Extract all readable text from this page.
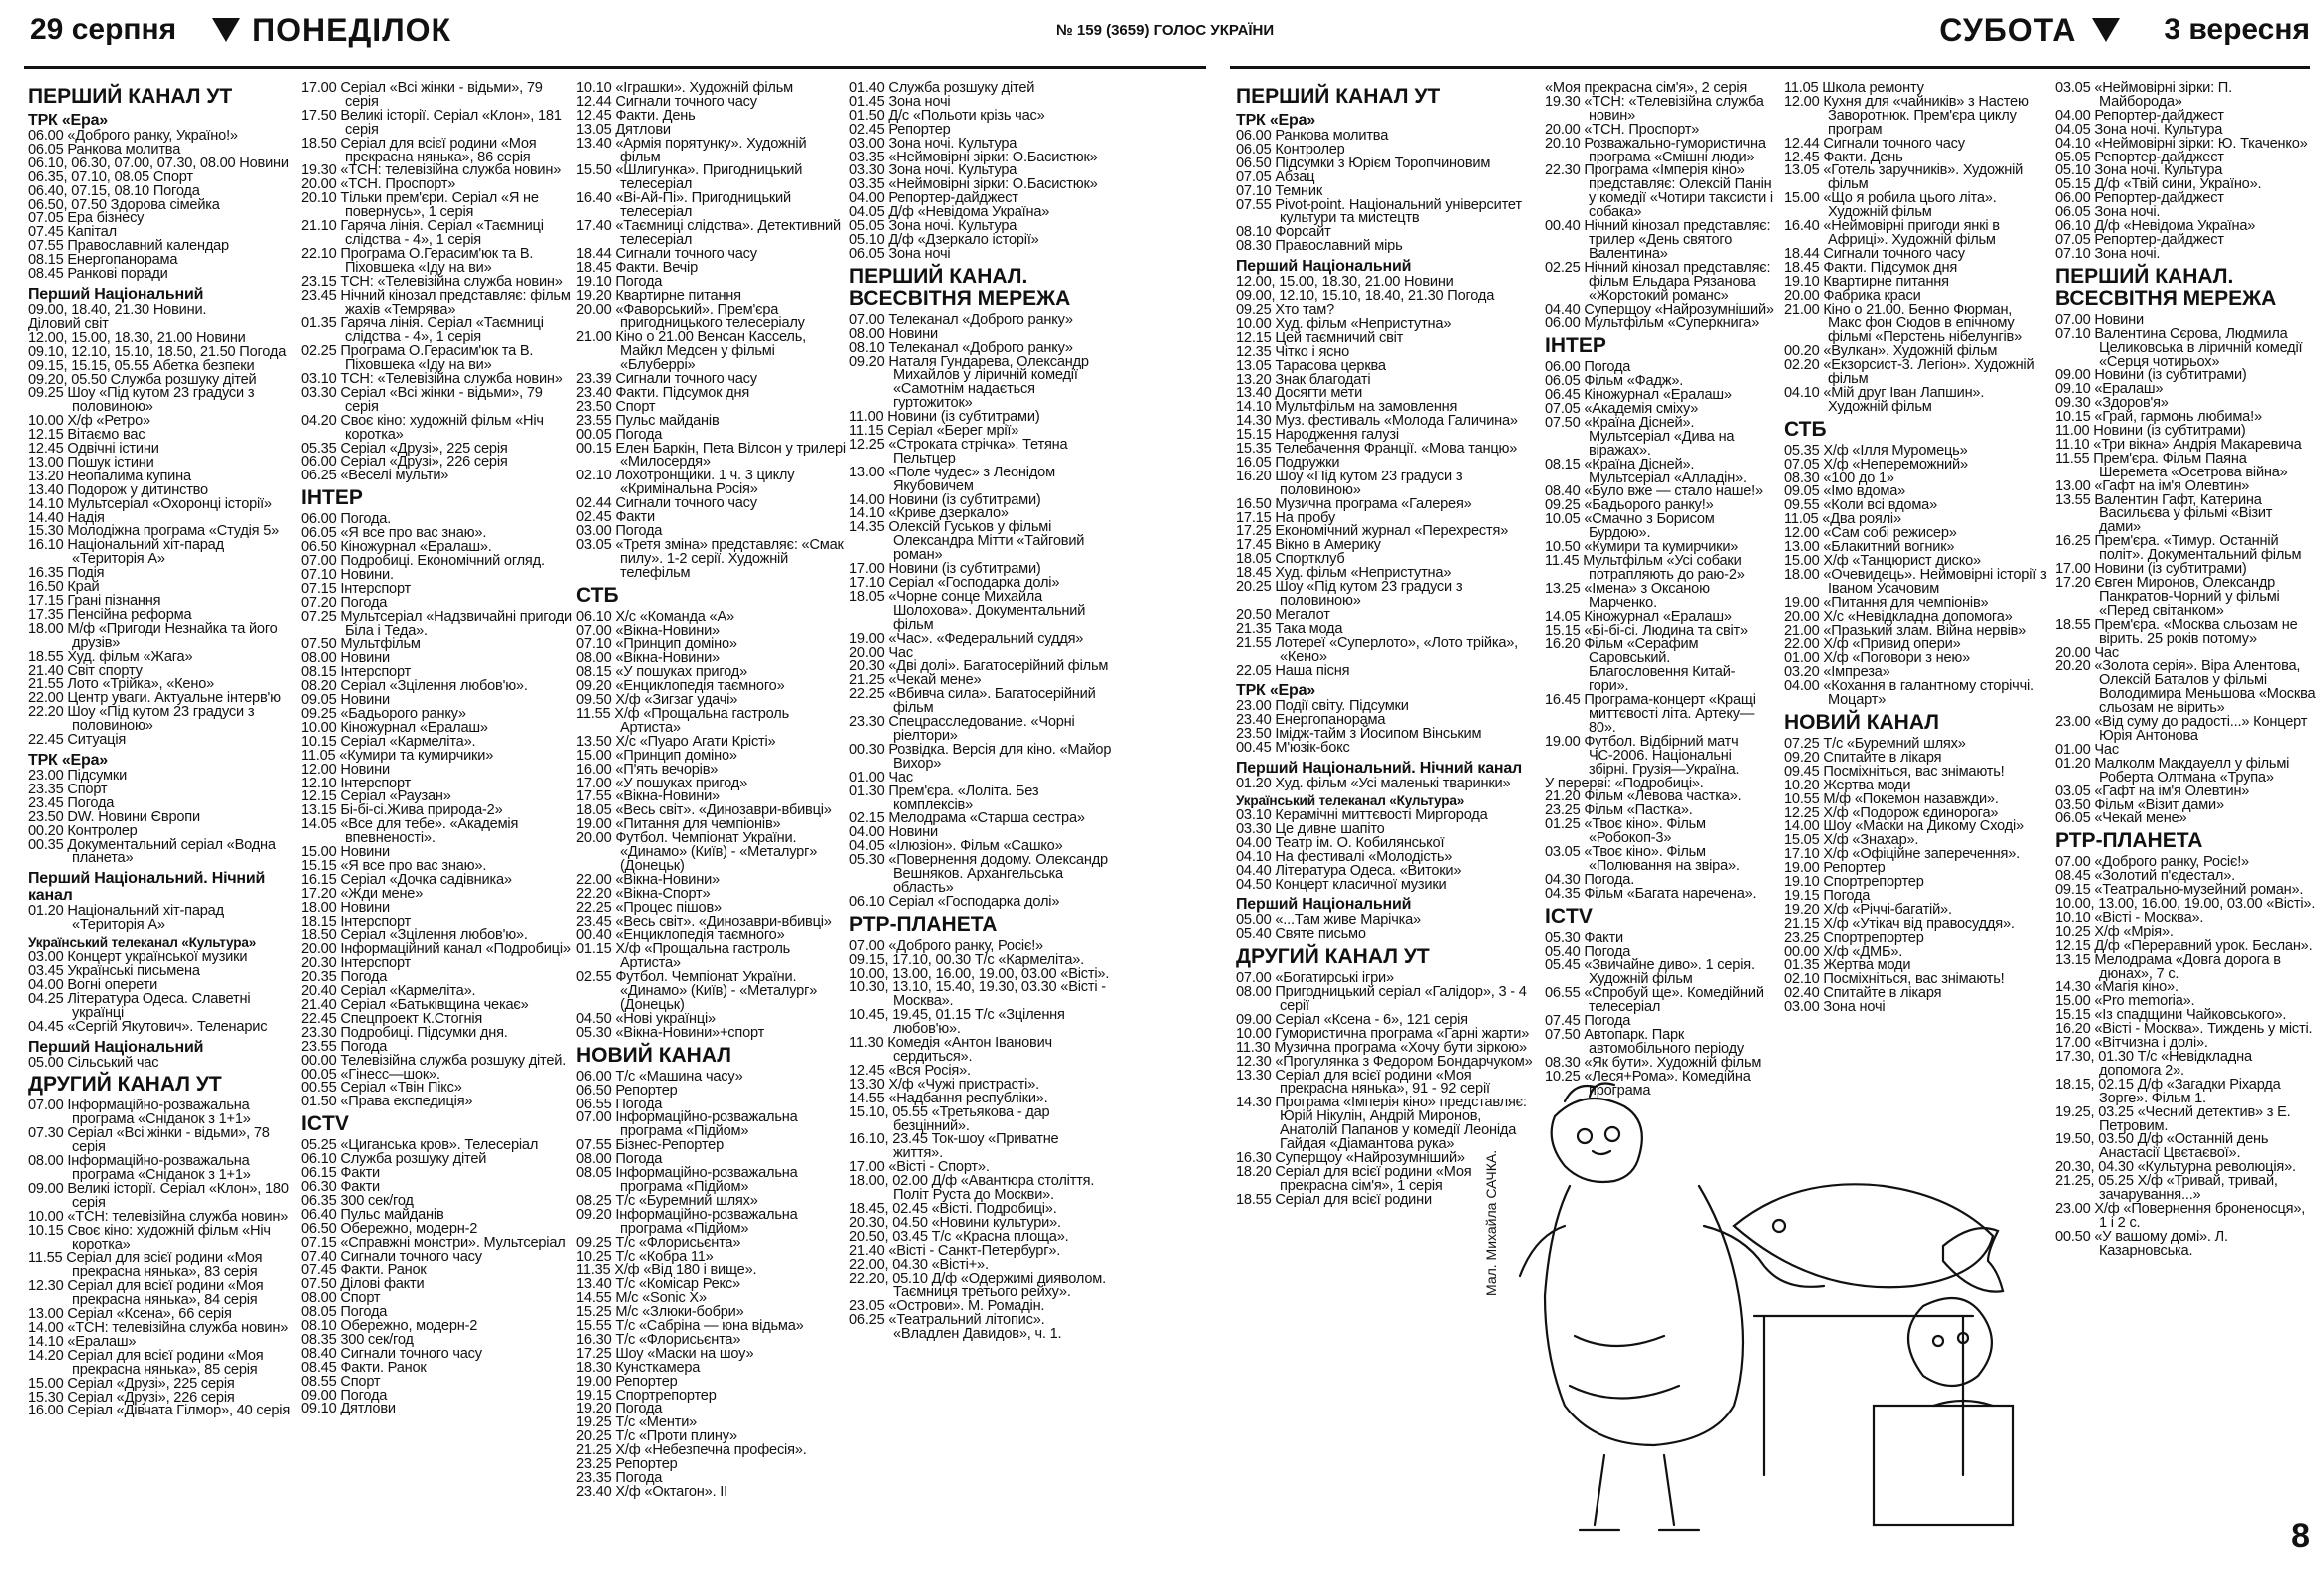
29 серпня ПОНЕДІЛОК	№ 159 (3659) ГОЛОС УКРАЇНИ	СУБОТА	3 вересня
ПЕРШИЙ КАНАЛ УТ
ТРК «Ера»

06.00 «Доброго ранку, Україно!»

06.05 Ранкова молитва

06.10, 06.30, 07.00, 07.30, 08.00 Новини

06.35, 07.10, 08.05 Спорт

06.40, 07.15, 08.10 Погода

06.50, 07.50 Здорова сімейка

07.05 Ера бізнесу

07.45 Капітал

07.55 Православний календар

08.15 Енергопанорама

08.45 Ранкові поради

Перший Національний

09.00, 18.40, 21.30 Новини.

Діловий світ

12.00, 15.00, 18.30, 21.00 Новини

09.10, 12.10, 15.10, 18.50, 21.50 Погода

09.15, 15.15, 05.55 Абетка безпеки

09.20, 05.50 Служба розшуку дітей

09.25 Шоу «Під кутом 23 градуси з половиною»

10.00 Х/ф «Ретро»

12.15 Вітаємо вас

12.45 Одвічні істини

13.00 Пошук істини

13.20 Неопалима купина

13.40 Подорож у дитинство

14.10 Мультсеріал «Охоронці історії»

14.40 Надія

15.30 Молодіжна програма «Студія 5»

16.10 Національний хіт-парад «Територія А»

16.35 Подія

16.50 Край

17.15 Грані пізнання

17.35 Пенсійна реформа

18.00 М/ф «Пригоди Незнайка та його друзів»

18.55 Худ. фільм «Жага»

21.40 Світ спорту

21.55 Лото «Трійка», «Кено»

22.00 Центр уваги. Актуальне інтерв'ю

22.20 Шоу «Під кутом 23 градуси з половиною»

22.45 Ситуація

ТРК «Ера»

23.00 Підсумки

23.35 Спорт

23.45 Погода

23.50 DW. Новини Європи

00.20 Контролер

00.35 Документальний серіал «Водна планета»

Перший Національний. Нічний канал

01.20 Національний хіт-парад «Територія А»

Український телеканал «Культура»

03.00 Концерт української музики

03.45 Українські письмена

04.00 Вогні оперети

04.25 Література Одеса. Славетні українці

04.45 «Сергій Якутович». Теленарис

Перший Національний

05.00 Сільський час

ДРУГИЙ КАНАЛ УТ

07.00 Інформаційно-розважальна програма «Сніданок з 1+1»

07.30 Серіал «Всі жінки - відьми», 78 серія

08.00 Інформаційно-розважальна програма «Сніданок з 1+1»

09.00 Великі історії. Серіал «Клон», 180 серія

10.00 «ТСН: телевізійна служба новин»

10.15 Своє кіно: художній фільм «Ніч коротка»

11.55 Серіал для всієї родини «Моя прекрасна нянька», 83 серія

12.30 Серіал для всієї родини «Моя прекрасна нянька», 84 серія

13.00 Серіал «Ксена», 66 серія

14.00 «ТСН: телевізійна служба новин»

14.10 «Ералаш»

14.20 Серіал для всієї родини «Моя прекрасна нянька», 85 серія

15.00 Серіал «Друзі», 225 серія

15.30 Серіал «Друзі», 226 серія

16.00 Серіал «Дівчата Гілмор», 40 серія

17.00 Серіал «Всі жінки - відьми», 79 серія

17.50 Великі історії. Серіал «Клон», 181 серія

18.50 Серіал для всієї родини «Моя прекрасна нянька», 86 серія

19.30 «ТСН: телевізійна служба новин»

20.00 «ТСН. Проспорт»

20.10 Тільки прем'єри. Серіал «Я не повернусь», 1 серія

21.10 Гаряча лінія. Серіал «Таємниці слідства - 4», 1 серія

22.10 Програма О.Герасим'юк та В. Піховшека «Іду на ви»

23.15 ТСН: «Телевізійна служба новин»

23.45 Нічний кінозал представляє: фільм жахів «Темрява»

01.35 Гаряча лінія. Серіал «Таємниці слідства - 4», 1 серія

02.25 Програма О.Герасим'юк та В. Піховшека «Іду на ви»

03.10 ТСН: «Телевізійна служба новин»

03.30 Серіал «Всі жінки - відьми», 79 серія

04.20 Своє кіно: художній фільм «Ніч коротка»

05.35 Серіал «Друзі», 225 серія

06.00 Серіал «Друзі», 226 серія

06.25 «Веселі мульти»

ІНТЕР

06.00 Погода.

06.05 «Я все про вас знаю».

06.50 Кіножурнал «Ералаш».

07.00 Подробиці. Економічний огляд.

07.10 Новини.

07.15 Інтерспорт

07.20 Погода

07.25 Мультсеріал «Надзвичайні пригоди Біла і Теда».

07.50 Мультфільм

08.00 Новини

08.15 Інтерспорт

08.20 Серіал «Зцілення любов'ю».

09.05 Новини

09.25 «Бадьорого ранку»

10.00 Кіножурнал «Ералаш»

10.15 Серіал «Кармеліта».

11.05 «Кумири та кумирчики»

12.00 Новини

12.10 Інтерспорт

12.15 Серіал «Раузан»

13.15 Бі-бі-сі.Жива природа-2»

14.05 «Все для тебе». «Академія впевненості».

15.00 Новини

15.15 «Я все про вас знаю».

16.15 Серіал «Дочка садівника»

17.20 «Жди мене»

18.00 Новини

18.15 Інтерспорт

18.50 Серіал «Зцілення любов'ю».

20.00 Інформаційний канал «Подробиці»

20.30 Інтерспорт

20.35 Погода

20.40 Серіал «Кармеліта».

21.40 Серіал «Батьківщина чекає»

22.45 Спецпроект К.Стогнія

23.30 Подробиці. Підсумки дня.

23.55 Погода

00.00 Телевізійна служба розшуку дітей.

00.05 «Гінесс—шок».

00.55 Серіал «Твін Пікс»

01.50 «Права експедиція»

ICTV

05.25 «Циганська кров». Телесеріал

06.10 Служба розшуку дітей

06.15 Факти

06.30 Факти

06.35 300 сек/год

06.40 Пульс майданів

06.50 Обережно, модерн-2

07.15 «Справжні монстри». Мультсеріал

07.40 Сигнали точного часу

07.45 Факти. Ранок

07.50 Ділові факти

08.00 Спорт

08.05 Погода

08.10 Обережно, модерн-2

08.35 300 сек/год

08.40 Сигнали точного часу

08.45 Факти. Ранок

08.55 Спорт

09.00 Погода

09.10 Дятлови

10.10 «Іграшки». Художній фільм

12.44 Сигнали точного часу

12.45 Факти. День

13.05 Дятлови

13.40 «Армія порятунку». Художній фільм

15.50 «Шлигунка». Пригодницький телесеріал

16.40 «Ві-Ай-Пі». Пригодницький телесеріал

17.40 «Таємниці слідства». Детективний телесеріал

18.44 Сигнали точного часу

18.45 Факти. Вечір

19.10 Погода

19.20 Квартирне питання

20.00 «Фаворський». Прем'єра пригодницького телесеріалу

21.00 Кіно о 21.00 Венсан Кассель, Майкл Медсен у фільмі «Блуберрі»

23.39 Сигнали точного часу

23.40 Факти. Підсумок дня

23.50 Спорт

23.55 Пульс майданів

00.05 Погода

00.15 Елен Баркін, Пета Вілсон у трилері «Милосердя»

02.10 Лохотронщики. 1 ч. 3 циклу «Кримінальна Росія»

02.44 Сигнали точного часу

02.45 Факти

03.00 Погода

03.05 «Третя зміна» представляє: «Смак пилу». 1-2 серії. Художній телефільм

СТБ

06.10 Х/с «Команда «А»

07.00 «Вікна-Новини»

07.10 «Принцип доміно»

08.00 «Вікна-Новини»

08.15 «У пошуках пригод»

09.20 «Енциклопедія таємного»

09.50 Х/ф «Зигзаг удачі»

11.55 Х/ф «Прощальна гастроль Артиста»

13.50 Х/с «Пуаро Агати Крісті»

15.00 «Принцип доміно»

16.00 «П'ять вечорів»

17.00 «У пошуках пригод»

17.55 «Вікна-Новини»

18.05 «Весь світ». «Динозаври-вбивці»

19.00 «Питання для чемпіонів»

20.00 Футбол. Чемпіонат України. «Динамо» (Київ) - «Металург» (Донецьк)

22.00 «Вікна-Новини»

22.20 «Вікна-Спорт»

22.25 «Процес пішов»

23.45 «Весь світ». «Динозаври-вбивці»

00.40 «Енциклопедія таємного»

01.15 Х/ф «Прощальна гастроль Артиста»

02.55 Футбол. Чемпіонат України. «Динамо» (Київ) - «Металург» (Донецьк)

04.50 «Нові українці»

05.30 «Вікна-Новини»+спорт

НОВИЙ КАНАЛ

06.00 Т/с «Машина часу»

06.50 Репортер

06.55 Погода

07.00 Інформаційно-розважальна програма «Підйом»

07.55 Бізнес-Репортер

08.00 Погода

08.05 Інформаційно-розважальна програма «Підйом»

08.25 Т/с «Буремний шлях»

09.20 Інформаційно-розважальна програма «Підйом»

09.25 Т/с «Флорисьєнта»

10.25 Т/с «Кобра 11»

11.35 Х/ф «Від 180 і вище».

13.40 Т/с «Комісар Рекс»

14.55 М/с «Sonic X»

15.25 М/с «Злюки-бобри»

15.55 Т/с «Сабріна — юна відьма»

16.30 Т/с «Флорисьєнта»

17.25 Шоу «Маски на шоу»

18.30 Кунсткамера

19.00 Репортер

19.15 Спортрепортер

19.20 Погода

19.25 Т/с «Менти»

20.25 Т/с «Проти плину»

21.25 Х/ф «Небезпечна професія».

23.25 Репортер

23.35 Погода

23.40 Х/ф «Октагон». II

01.40 Служба розшуку дітей

01.45 Зона ночі

01.50 Д/с «Польоти крізь час»

02.45 Репортер

03.00 Зона ночі. Культура

03.35 «Неймовірні зірки: О.Басистюк»

03.30 Зона ночі. Культура

03.35 «Неймовірні зірки: О.Басистюк»

04.00 Репортер-дайджест

04.05 Д/ф «Невідома Україна»

05.05 Зона ночі. Культура

05.10 Д/ф «Дзеркало історії»

06.05 Зона ночі

ПЕРШИЙ КАНАЛ. ВСЕСВІТНЯ МЕРЕЖА

07.00 Телеканал «Доброго ранку»

08.00 Новини

08.10 Телеканал «Доброго ранку»

09.20 Наталя Гундарева, Олександр Михайлов у ліричній комедії «Самотнім надається гуртожиток»

11.00 Новини (із субтитрами)

11.15 Серіал «Берег мрії»

12.25 «Строката стрічка». Тетяна Пельтцер

13.00 «Поле чудес» з Леонідом Якубовичем

14.00 Новини (із субтитрами)

14.10 «Криве дзеркало»

14.35 Олексій Гуськов у фільмі Олександра Мітти «Тайговий роман»

17.00 Новини (із субтитрами)

17.10 Серіал «Господарка долі»

18.05 «Чорне сонце Михайла Шолохова». Документальний фільм

19.00 «Час». «Федеральний суддя»

20.00 Час

20.30 «Дві долі». Багатосерійний фільм

21.25 «Чекай мене»

22.25 «Вбивча сила». Багатосерійний фільм

23.30 Спецрасследование. «Чорні ріелтори»

00.30 Розвідка. Версія для кіно. «Майор Вихор»

01.00 Час

01.30 Прем'єра. «Лоліта. Без комплексів»

02.15 Мелодрама «Старша сестра»

04.00 Новини

04.05 «Ілюзіон». Фільм «Сашко»

05.30 «Повернення додому. Олександр Вешняков. Архангельська область»

06.10 Серіал «Господарка долі»

РТР-ПЛАНЕТА

07.00 «Доброго ранку, Росіє!»

09.15, 17.10, 00.30 Т/с «Кармеліта».

10.00, 13.00, 16.00, 19.00, 03.00 «Вісті».

10.30, 13.10, 15.40, 19.30, 03.30 «Вісті - Москва».

10.45, 19.45, 01.15 Т/с «Зцілення любов'ю».

11.30 Комедія «Антон Іванович сердиться».

12.45 «Вся Росія».

13.30 Х/ф «Чужі пристрасті».

14.55 «Надбання республіки».

15.10, 05.55 «Третьякова - дар безцінний».

16.10, 23.45 Ток-шоу «Приватне життя».

17.00 «Вісті - Спорт».

18.00, 02.00 Д/ф «Авантюра століття. Політ Руста до Москви».

18.45, 02.45 «Вісті. Подробиці».

20.30, 04.50 «Новини культури».

20.50, 03.45 Т/с «Красна площа».

21.40 «Вісті - Санкт-Петербург».

22.00, 04.30 «Вісті+».

22.20, 05.10 Д/ф «Одержимі дияволом. Таємниця третього рейху».

23.05 «Острови». М. Ромадін.

06.25 «Театральний літопис». «Владлен Давидов», ч. 1.

ПЕРШИЙ КАНАЛ УТ
ТРК «Ера»

06.00 Ранкова молитва

06.05 Контролер

06.50 Підсумки з Юрієм Торопчиновим

07.05 Абзац

07.10 Темник

07.55 Pivot-point. Національний університет культури та мистецтв

08.10 Форсайт

08.30 Православний мірь

Перший Національний

12.00, 15.00, 18.30, 21.00 Новини

09.00, 12.10, 15.10, 18.40, 21.30 Погода

09.25 Хто там?

10.00 Худ. фільм «Непристутна»

12.15 Цей таємничий світ

12.35 Чітко і ясно

13.05 Тарасова церква

13.20 Знак благодаті

13.40 Досягти мети

14.10 Мультфільм на замовлення

14.30 Муз. фестиваль «Молода Галичина»

15.15 Народження галузі

15.35 Телебачення Франції. «Мова танцю»

16.05 Подружки

16.20 Шоу «Під кутом 23 градуси з половиною»

16.50 Музична програма «Галерея»

17.15 На пробу

17.25 Економічний журнал «Перехрестя»

17.45 Вікно в Америку

18.05 Спортклуб

18.45 Худ. фільм «Непристутна»

20.25 Шоу «Під кутом 23 градуси з половиною»

20.50 Мегалот

21.35 Така мода

21.55 Лотереї «Суперлото», «Лото трійка», «Кено»

22.05 Наша пісня

ТРК «Ера»

23.00 Події світу. Підсумки

23.40 Енергопанорама

23.50 Імідж-тайм з Йосипом Вінським

00.45 М'юзік-бокс

Перший Національний. Нічний канал

01.20 Худ. фільм «Усі маленькі тваринки»

Український телеканал «Культура»

03.10 Керамічні миттєвості Миргорода

03.30 Це дивне шапіто

04.00 Театр ім. О. Кобилянської

04.10 На фестивалі «Молодість»

04.40 Література Одеса. «Витоки»

04.50 Концерт класичної музики

Перший Національний

05.00 «...Там живе Марічка»

05.40 Святе письмо

ДРУГИЙ КАНАЛ УТ

07.00 «Богатирські ігри»

08.00 Пригодницький серіал «Галідор», 3 - 4 серії

09.00 Серіал «Ксена - 6», 121 серія

10.00 Гумористична програма «Гарні жарти»

11.30 Музична програма «Хочу бути зіркою»

12.30 «Прогулянка з Федором Бондарчуком»

13.30 Серіал для всієї родини «Моя прекрасна нянька», 91 - 92 серії

14.30 Програма «Імперія кіно» представляє: Юрій Нікулін, Андрій Миронов, Анатолій Папанов у комедії Леоніда Гайдая «Діамантова рука»

16.30 Суперщоу «Найрозумніший»

18.20 Серіал для всієї родини «Моя прекрасна сім'я», 1 серія

18.55 Серіал для всієї родини

«Моя прекрасна сім'я», 2 серія

19.30 «ТСН: «Телевізійна служба новин»

20.00 «ТСН. Проспорт»

20.10 Розважально-гумористична програма «Смішні люди»

22.30 Програма «Імперія кіно» представляє: Олексій Панін у комедії «Чотири таксисти і собака»

00.40 Нічний кінозал представляє: трилер «День святого Валентина»

02.25 Нічний кінозал представляє: фільм Ельдара Рязанова «Жорстокий романс»

04.40 Суперщоу «Найрозумніший»

06.00 Мультфільм «Суперкнига»

ІНТЕР

06.00 Погода

06.05 Фільм «Фадж».

06.45 Кіножурнал «Ералаш»

07.05 «Академія сміху»

07.50 «Країна Дісней». Мультсеріал «Дива на віражах».

08.15 «Країна Дісней». Мультсеріал «Алладін».

08.40 «Було вже — стало наше!»

09.25 «Бадьорого ранку!»

10.05 «Смачно з Борисом Бурдою».

10.50 «Кумири та кумирчики»

11.45 Мультфільм «Усі собаки потрапляють до раю-2»

13.25 «Імена» з Оксаною Марченко.

14.05 Кіножурнал «Ералаш»

15.15 «Бі-бі-сі. Людина та світ»

16.20 Фільм «Серафим Саровський. Благословення Китай-гори».

16.45 Програма-концерт «Кращі миттєвості літа. Артеку—80».

19.00 Футбол. Відбірний матч ЧС-2006. Національні збірні. Грузія—Україна.

У перерві: «Подробиці».

21.20 Фільм «Левова частка».

23.25 Фільм «Пастка».

01.25 «Твоє кіно». Фільм «Робокоп-3»

03.05 «Твоє кіно». Фільм «Полювання на звіра».

04.30 Погода.

04.35 Фільм «Багата наречена».

ICTV

05.30 Факти

05.40 Погода

05.45 «Звичайне диво». 1 серія. Художній фільм

06.55 «Спробуй ще». Комедійний телесеріал

07.45 Погода

07.50 Автопарк. Парк автомобільного періоду

08.30 «Як бути». Художній фільм

10.25 «Леся+Рома». Комедійна програма

11.05 Школа ремонту

12.00 Кухня для «чайників» з Настею Заворотнюк. Прем'єра циклу програм

12.44 Сигнали точного часу

12.45 Факти. День

13.05 «Готель заручників». Художній фільм

15.00 «Що я робила цього літа». Художній фільм

16.40 «Неймовірні пригоди янкі в Африці». Художній фільм

18.44 Сигнали точного часу

18.45 Факти. Підсумок дня

19.10 Квартирне питання

20.00 Фабрика краси

21.00 Кіно о 21.00. Бенно Фюрман, Макс фон Сюдов в епічному фільмі «Перстень нібелунгів»

00.20 «Вулкан». Художній фільм

02.20 «Екзорсист-3. Легіон». Художній фільм

04.10 «Мій друг Іван Лапшин». Художній фільм

СТБ

05.35 Х/ф «Ілля Муромець»

07.05 Х/ф «Непереможний»

08.30 «100 до 1»

09.05 «Імо вдома»

09.55 «Коли всі вдома»

11.05 «Два роялі»

12.00 «Сам собі режисер»

13.00 «Блакитний вогник»

15.00 Х/ф «Танцюрист диско»

18.00 «Очевидець». Неймовірні історії з Іваном Усачовим

19.00 «Питання для чемпіонів»

20.00 Х/с «Невідкладна допомога»

21.00 «Празький злам. Війна нервів»

22.00 Х/ф «Привид опери»

01.00 Х/ф «Поговори з нею»

03.20 «Імпреза»

04.00 «Кохання в галантному сторіччі. Моцарт»

НОВИЙ КАНАЛ

07.25 Т/с «Буремний шлях»

09.20 Спитайте в лікаря

09.45 Посміхніться, вас знімають!

10.20 Жертва моди

10.55 М/ф «Покемон назавжди».

12.25 Х/ф «Подорож єдинорога»

14.00 Шоу «Маски на Дикому Сході»

15.05 Х/ф «Знахар».

17.10 Х/ф «Офіційне заперечення».

19.00 Репортер

19.10 Спортрепортер

19.15 Погода

19.20 Х/ф «Річчі-багатій».

21.15 Х/ф «Утікач від правосуддя».

23.25 Спортрепортер

00.00 Х/ф «ДМБ».

01.35 Жертва моди

02.10 Посміхніться, вас знімають!

02.40 Спитайте в лікаря

03.00 Зона ночі

03.05 «Неймовірні зірки: П. Майборода»

04.00 Репортер-дайджест

04.05 Зона ночі. Культура

04.10 «Неймовірні зірки: Ю. Ткаченко»

05.05 Репортер-дайджест

05.10 Зона ночі. Культура

05.15 Д/ф «Твій сини, Україно».

06.00 Репортер-дайджест

06.05 Зона ночі.

06.10 Д/ф «Невідома Україна»

07.05 Репортер-дайджест

07.10 Зона ночі.

ПЕРШИЙ КАНАЛ. ВСЕСВІТНЯ МЕРЕЖА

07.00 Новини

07.10 Валентина Сєрова, Людмила Целиковська в ліричній комедії «Серця чотирьох»

09.00 Новини (із субтитрами)

09.10 «Ералаш»

09.30 «Здоров'я»

10.15 «Грай, гармонь любима!»

11.00 Новини (із субтитрами)

11.10 «Три вікна» Андрія Макаревича

11.55 Прем'єра. Фільм Паяна Шеремета «Осетрова війна»

13.00 «Гафт на ім'я Олевтин»

13.55 Валентин Гафт, Катерина Васильєва у фільмі «Візит дами»

16.25 Прем'єра. «Тимур. Останній політ». Документальний фільм

17.00 Новини (із субтитрами)

17.20 Євген Миронов, Олександр Панкратов-Чорний у фільмі «Перед світанком»

18.55 Прем'єра. «Москва сльозам не вірить. 25 років потому»

20.00 Час

20.20 «Золота серія». Віра Алентова, Олексій Баталов у фільмі Володимира Меньшова «Москва сльозам не вірить»

23.00 «Від суму до радості...» Концерт Юрія Антонова

01.00 Час

01.20 Малколм Макдауелл у фільмі Роберта Олтмана «Трупа»

03.05 «Гафт на ім'я Олевтин»

03.50 Фільм «Візит дами»

06.05 «Чекай мене»

РТР-ПЛАНЕТА

07.00 «Доброго ранку, Росіє!»

08.45 «Золотий п'єдестал».

09.15 «Театрально-музейний роман».

10.00, 13.00, 16.00, 19.00, 03.00 «Вісті».

10.10 «Вісті - Москва».

10.25 Х/ф «Мрія».

12.15 Д/ф «Переравний урок. Беслан».

13.15 Мелодрама «Довга дорога в дюнах», 7 с.

14.30 «Магія кіно».

15.00 «Pro memoria».

15.15 «Із спадщини Чайковського».

16.20 «Вісті - Москва». Тиждень у місті.

17.00 «Вітчизна і долі».

17.30, 01.30 Т/с «Невідкладна допомога 2».

18.15, 02.15 Д/ф «Загадки Ріхарда Зорге». Фільм 1.

19.25, 03.25 «Чесний детектив» з Е. Петровим.

19.50, 03.50 Д/ф «Останній день Анастасії Цвєтаєвої».

20.30, 04.30 «Культурна революція».

21.25, 05.25 Х/ф «Тривай, тривай, зачарування...»

23.00 Х/ф «Повернення броненосця», 1 і 2 с.

00.50 «У вашому домі». Л. Казарновська.

Мал. Михайла САЧКА.
8
